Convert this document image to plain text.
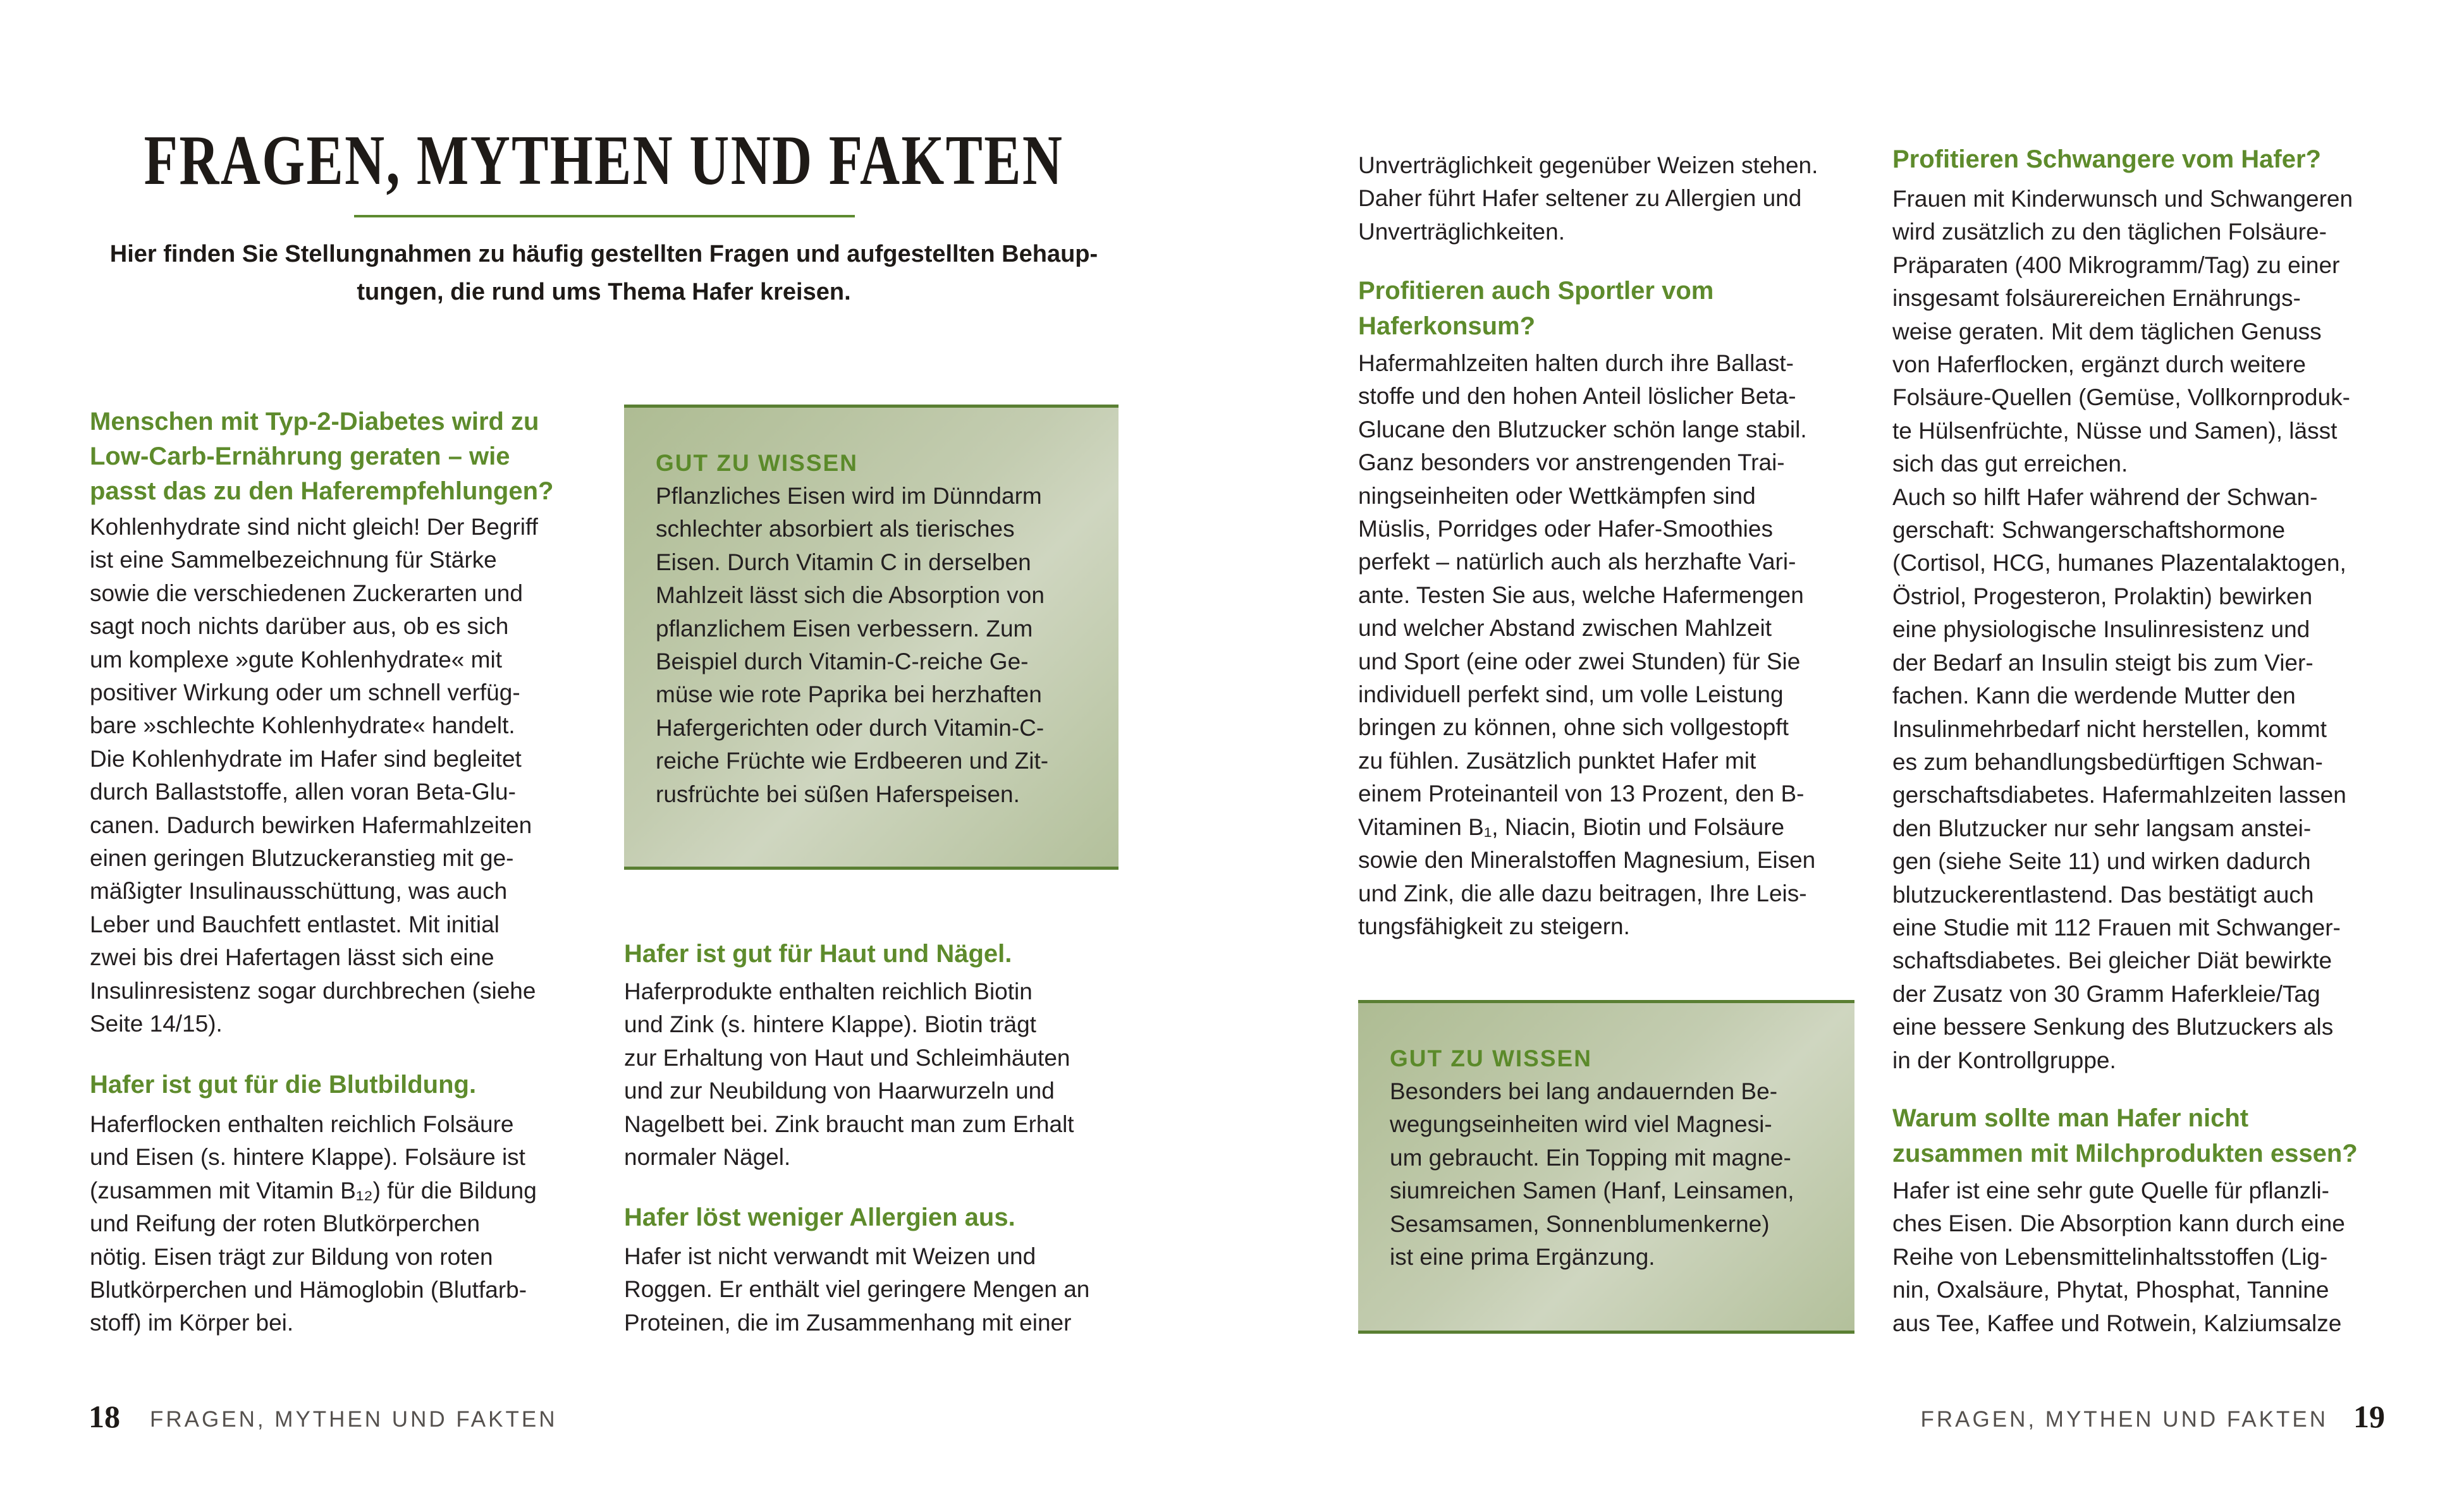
FRAGEN, MYTHEN UND FAKTEN
Hier finden Sie Stellungnahmen zu häufig gestellten Fragen und aufgestellten Behaup-
tungen, die rund ums Thema Hafer kreisen.
Menschen mit Typ-2-Diabetes wird zu
Low-Carb-Ernährung geraten – wie
passt das zu den Haferempfehlungen?
Kohlenhydrate sind nicht gleich! Der Begriff
ist eine Sammelbezeichnung für Stärke
sowie die verschiedenen Zuckerarten und
sagt noch nichts darüber aus, ob es sich
um komplexe »gute Kohlenhydrate« mit
positiver Wirkung oder um schnell verfüg-
bare »schlechte Kohlenhydrate« handelt.
Die Kohlenhydrate im Hafer sind begleitet
durch Ballaststoffe, allen voran Beta-Glu-
canen. Dadurch bewirken Hafermahlzeiten
einen geringen Blutzuckeranstieg mit ge-
mäßigter Insulinausschüttung, was auch
Leber und Bauchfett entlastet. Mit initial
zwei bis drei Hafertagen lässt sich eine
Insulinresistenz sogar durchbrechen (siehe
Seite 14/15).
Hafer ist gut für die Blutbildung.
Haferflocken enthalten reichlich Folsäure
und Eisen (s. hintere Klappe). Folsäure ist
(zusammen mit Vitamin B₁₂) für die Bildung
und Reifung der roten Blutkörperchen
nötig. Eisen trägt zur Bildung von roten
Blutkörperchen und Hämoglobin (Blutfarb-
stoff) im Körper bei.
GUT ZU WISSEN
Pflanzliches Eisen wird im Dünndarm
schlechter absorbiert als tierisches
Eisen. Durch Vitamin C in derselben
Mahlzeit lässt sich die Absorption von
pflanzlichem Eisen verbessern. Zum
Beispiel durch Vitamin-C-reiche Ge-
müse wie rote Paprika bei herzhaften
Hafergerichten oder durch Vitamin-C-
reiche Früchte wie Erdbeeren und Zit-
rusfrüchte bei süßen Haferspeisen.
Hafer ist gut für Haut und Nägel.
Haferprodukte enthalten reichlich Biotin
und Zink (s. hintere Klappe). Biotin trägt
zur Erhaltung von Haut und Schleimhäuten
und zur Neubildung von Haarwurzeln und
Nagelbett bei. Zink braucht man zum Erhalt
normaler Nägel.
Hafer löst weniger Allergien aus.
Hafer ist nicht verwandt mit Weizen und
Roggen. Er enthält viel geringere Mengen an
Proteinen, die im Zusammenhang mit einer
Unverträglichkeit gegenüber Weizen stehen.
Daher führt Hafer seltener zu Allergien und
Unverträglichkeiten.
Profitieren auch Sportler vom
Haferkonsum?
Hafermahlzeiten halten durch ihre Ballast-
stoffe und den hohen Anteil löslicher Beta-
Glucane den Blutzucker schön lange stabil.
Ganz besonders vor anstrengenden Trai-
ningseinheiten oder Wettkämpfen sind
Müslis, Porridges oder Hafer-Smoothies
perfekt – natürlich auch als herzhafte Vari-
ante. Testen Sie aus, welche Hafermengen
und welcher Abstand zwischen Mahlzeit
und Sport (eine oder zwei Stunden) für Sie
individuell perfekt sind, um volle Leistung
bringen zu können, ohne sich vollgestopft
zu fühlen. Zusätzlich punktet Hafer mit
einem Proteinanteil von 13 Prozent, den B-
Vitaminen B₁, Niacin, Biotin und Folsäure
sowie den Mineralstoffen Magnesium, Eisen
und Zink, die alle dazu beitragen, Ihre Leis-
tungsfähigkeit zu steigern.
GUT ZU WISSEN
Besonders bei lang andauernden Be-
wegungseinheiten wird viel Magnesi-
um gebraucht. Ein Topping mit magne-
siumreichen Samen (Hanf, Leinsamen,
Sesamsamen, Sonnenblumenkerne)
ist eine prima Ergänzung.
Profitieren Schwangere vom Hafer?
Frauen mit Kinderwunsch und Schwangeren
wird zusätzlich zu den täglichen Folsäure-
Präparaten (400 Mikrogramm/Tag) zu einer
insgesamt folsäurereichen Ernährungs-
weise geraten. Mit dem täglichen Genuss
von Haferflocken, ergänzt durch weitere
Folsäure-Quellen (Gemüse, Vollkornproduk-
te Hülsenfrüchte, Nüsse und Samen), lässt
sich das gut erreichen.
Auch so hilft Hafer während der Schwan-
gerschaft: Schwangerschaftshormone
(Cortisol, HCG, humanes Plazentalaktogen,
Östriol, Progesteron, Prolaktin) bewirken
eine physiologische Insulinresistenz und
der Bedarf an Insulin steigt bis zum Vier-
fachen. Kann die werdende Mutter den
Insulinmehrbedarf nicht herstellen, kommt
es zum behandlungsbedürftigen Schwan-
gerschaftsdiabetes. Hafermahlzeiten lassen
den Blutzucker nur sehr langsam anstei-
gen (siehe Seite 11) und wirken dadurch
blutzuckerentlastend. Das bestätigt auch
eine Studie mit 112 Frauen mit Schwanger-
schaftsdiabetes. Bei gleicher Diät bewirkte
der Zusatz von 30 Gramm Haferkleie/Tag
eine bessere Senkung des Blutzuckers als
in der Kontrollgruppe.
Warum sollte man Hafer nicht
zusammen mit Milchprodukten essen?
Hafer ist eine sehr gute Quelle für pflanzli-
ches Eisen. Die Absorption kann durch eine
Reihe von Lebensmittelinhaltsstoffen (Lig-
nin, Oxalsäure, Phytat, Phosphat, Tannine
aus Tee, Kaffee und Rotwein, Kalziumsalze
18 FRAGEN, MYTHEN UND FAKTEN	FRAGEN, MYTHEN UND FAKTEN 19
